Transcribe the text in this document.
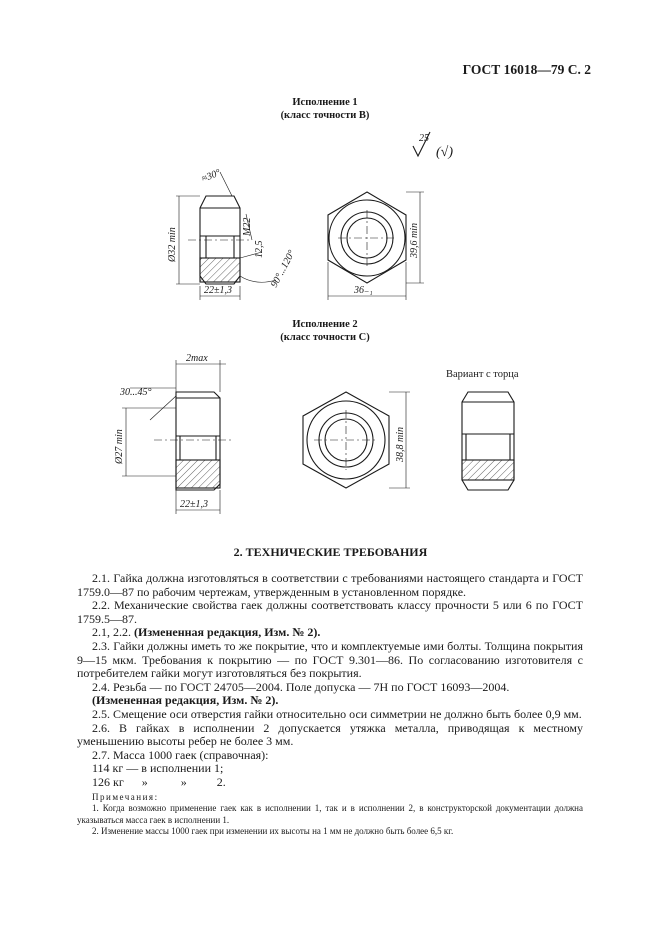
ГОСТ 16018—79 С. 2
Исполнение 1
(класс точности B)
25
(√)
≈30°
Ø32 min
M22
12,5 90°...120°
22±1,3
39,6 min
36₋₁
2max
30...45°
Ø27 min
22±1,3
38,8 min
Исполнение 2
(класс точности C)
Вариант с торца
2. ТЕХНИЧЕСКИЕ ТРЕБОВАНИЯ

2.1. Гайка должна изготовляться в соответствии с требованиями настоящего стандарта и ГОСТ 1759.0—87 по рабочим чертежам, утвержденным в установленном порядке.

2.2. Механические свойства гаек должны соответствовать классу прочности 5 или 6 по ГОСТ 1759.5—87.

2.1, 2.2. (Измененная редакция, Изм. № 2).

2.3. Гайки должны иметь то же покрытие, что и комплектуемые ими болты. Толщина покрытия 9—15 мкм. Требования к покрытию — по ГОСТ 9.301—86. По согласованию изготовителя с потребителем гайки могут изготовляться без покрытия.

2.4. Резьба — по ГОСТ 24705—2004. Поле допуска — 7Н по ГОСТ 16093—2004.

(Измененная редакция, Изм. № 2).

2.5. Смещение оси отверстия гайки относительно оси симметрии не должно быть более 0,9 мм.

2.6. В гайках в исполнении 2 допускается утяжка металла, приводящая к местному уменьшению высоты ребер не более 3 мм.

2.7. Масса 1000 гаек (справочная):

114 кг — в исполнении 1;

126 кг      »           »          2.

Примечания:

1. Когда возможно применение гаек как в исполнении 1, так и в исполнении 2, в конструкторской документации должна указываться масса гаек в исполнении 1.

2. Изменение массы 1000 гаек при изменении их высоты на 1 мм не должно быть более 6,5 кг.
